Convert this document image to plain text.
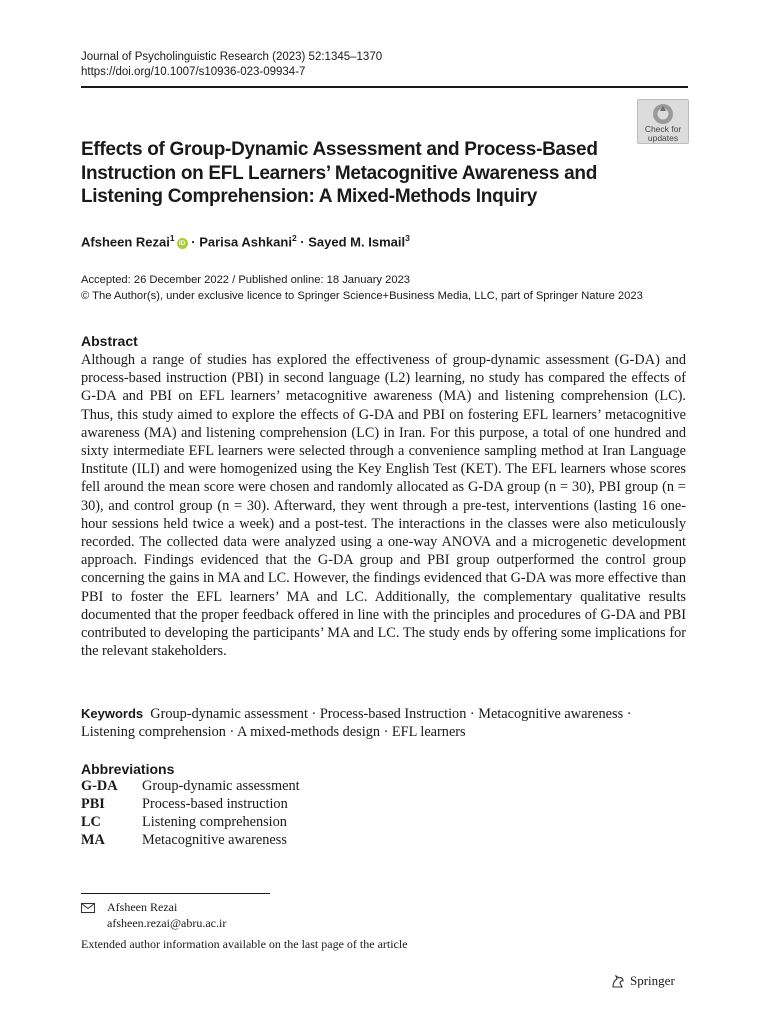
Journal of Psycholinguistic Research (2023) 52:1345–1370
https://doi.org/10.1007/s10936-023-09934-7
Check for
updates
Effects of Group-Dynamic Assessment and Process-Based Instruction on EFL Learners’ Metacognitive Awareness and Listening Comprehension: A Mixed-Methods Inquiry
Afsheen Rezai$^1$iD · Parisa Ashkani$^2$ · Sayed M. Ismail$^3$
Accepted: 26 December 2022 / Published online: 18 January 2023
© The Author(s), under exclusive licence to Springer Science+Business Media, LLC, part of Springer Nature 2023
Abstract

Although a range of studies has explored the effectiveness of group-dynamic assessment (G-DA) and process-based instruction (PBI) in second language (L2) learning, no study has compared the effects of G-DA and PBI on EFL learners’ metacognitive awareness (MA) and listening comprehension (LC). Thus, this study aimed to explore the effects of G-DA and PBI on fostering EFL learners’ metacognitive awareness (MA) and listening comprehension (LC) in Iran. For this purpose, a total of one hundred and sixty intermediate EFL learners were selected through a convenience sampling method at Iran Language Institute (ILI) and were homogenized using the Key English Test (KET). The EFL learners whose scores fell around the mean score were chosen and randomly allocated as G-DA group (n = 30), PBI group (n = 30), and control group (n = 30). Afterward, they went through a pre-test, interventions (lasting 16 one-hour sessions held twice a week) and a post-test. The interactions in the classes were also meticulously recorded. The collected data were analyzed using a one-way ANOVA and a microgenetic development approach. Findings evidenced that the G-DA group and PBI group outperformed the control group concerning the gains in MA and LC. However, the findings evidenced that G-DA was more effective than PBI to foster the EFL learners’ MA and LC. Additionally, the complementary qualitative results documented that the proper feedback offered in line with the principles and procedures of G-DA and PBI contributed to developing the participants’ MA and LC. The study ends by offering some implications for the relevant stakeholders.

Keywords Group-dynamic assessment · Process-based Instruction · Metacognitive awareness · Listening comprehension · A mixed-methods design · EFL learners

Abbreviations
G-DA	Group-dynamic assessment
PBI	Process-based instruction
LC	Listening comprehension
MA	Metacognitive awareness
Afsheen Rezai
afsheen.rezai@abru.ac.ir
Extended author information available on the last page of the article
Springer
